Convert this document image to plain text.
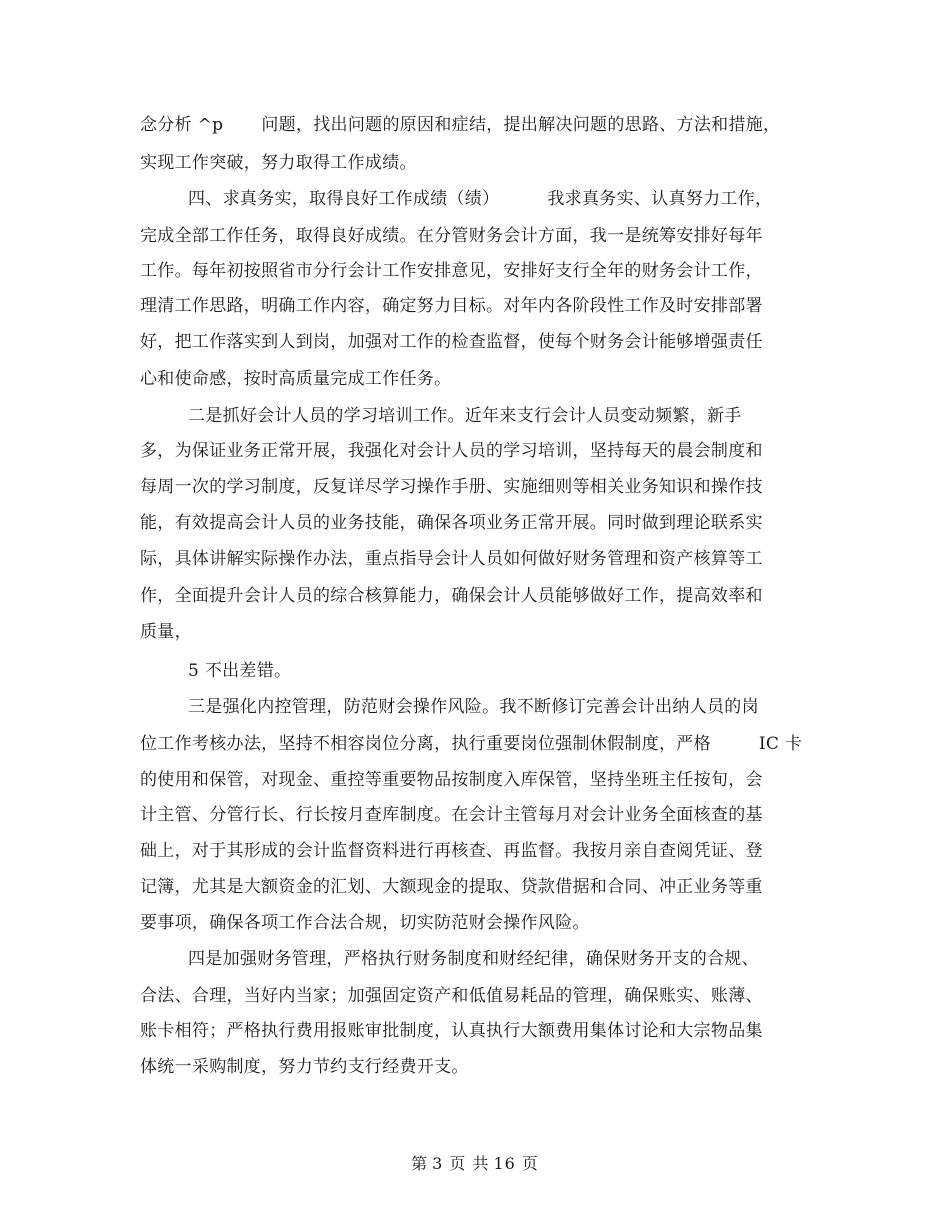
念分析 ^p 问题，找出问题的原因和症结，提出解决问题的思路、方法和措施，
实现工作突破，努力取得工作成绩。
四、求真务实，取得良好工作成绩（绩）	我求真务实、认真努力工作，
完成全部工作任务，取得良好成绩。在分管财务会计方面，我一是统筹安排好每年
工作。每年初按照省市分行会计工作安排意见，安排好支行全年的财务会计工作，
理清工作思路，明确工作内容，确定努力目标。对年内各阶段性工作及时安排部署
好，把工作落实到人到岗，加强对工作的检查监督，使每个财务会计能够增强责任
心和使命感，按时高质量完成工作任务。
二是抓好会计人员的学习培训工作。近年来支行会计人员变动频繁，新手
多，为保证业务正常开展，我强化对会计人员的学习培训，坚持每天的晨会制度和
每周一次的学习制度，反复详尽学习操作手册、实施细则等相关业务知识和操作技
能，有效提高会计人员的业务技能，确保各项业务正常开展。同时做到理论联系实
际，具体讲解实际操作办法，重点指导会计人员如何做好财务管理和资产核算等工
作，全面提升会计人员的综合核算能力，确保会计人员能够做好工作，提高效率和
质量，
5 不出差错。
三是强化内控管理，防范财会操作风险。我不断修订完善会计出纳人员的岗
位工作考核办法，坚持不相容岗位分离，执行重要岗位强制休假制度，严格	IC 卡
的使用和保管，对现金、重控等重要物品按制度入库保管，坚持坐班主任按旬，会
计主管、分管行长、行长按月查库制度。在会计主管每月对会计业务全面核查的基
础上，对于其形成的会计监督资料进行再核查、再监督。我按月亲自查阅凭证、登
记簿，尤其是大额资金的汇划、大额现金的提取、贷款借据和合同、冲正业务等重
要事项，确保各项工作合法合规，切实防范财会操作风险。
四是加强财务管理，严格执行财务制度和财经纪律，确保财务开支的合规、
合法、合理，当好内当家；加强固定资产和低值易耗品的管理，确保账实、账薄、
账卡相符；严格执行费用报账审批制度，认真执行大额费用集体讨论和大宗物品集
体统一采购制度，努力节约支行经费开支。
第 3 页 共 16 页
